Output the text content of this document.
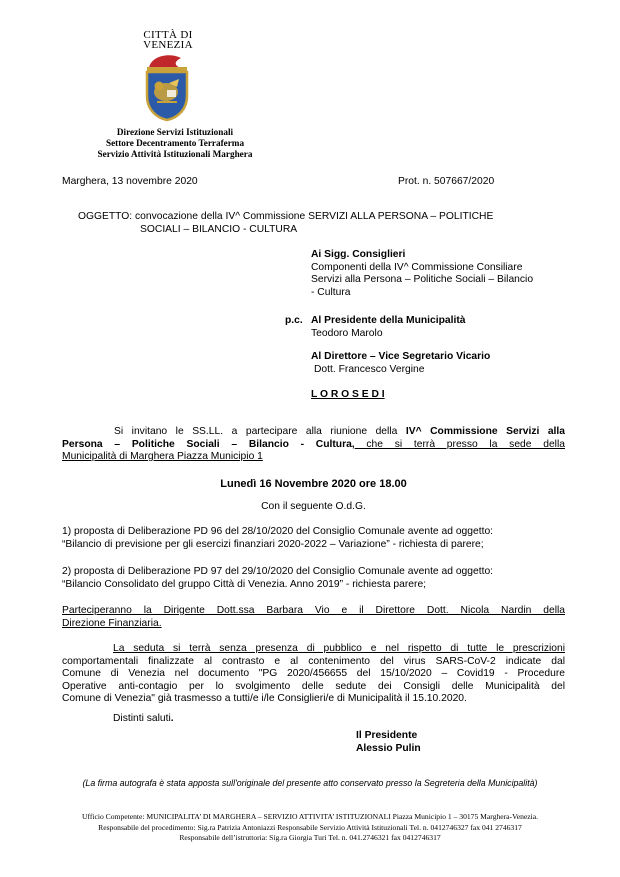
CITTÀ DI
VENEZIA
Direzione Servizi Istituzionali
Settore Decentramento Terraferma
Servizio Attività Istituzionali Marghera
Marghera, 13 novembre 2020	Prot. n. 507667/2020
OGGETTO: convocazione della IV^ Commissione SERVIZI ALLA PERSONA – POLITICHE
SOCIALI – BILANCIO - CULTURA
Ai Sigg. Consiglieri
Componenti della IV^ Commissione Consiliare
Servizi alla Persona – Politiche Sociali – Bilancio
- Cultura
p.c. Al Presidente della Municipalità
Teodoro Marolo
Al Direttore – Vice Segretario Vicario
Dott. Francesco Vergine
L O R O S E D I
Si invitano le SS.LL. a partecipare alla riunione della IV^ Commissione Servizi alla
Persona – Politiche Sociali – Bilancio - Cultura, che si terrà presso la sede della
Municipalità di Marghera Piazza Municipio 1
Lunedì 16 Novembre 2020 ore 18.00
Con il seguente O.d.G.
1) proposta di Deliberazione PD 96 del 28/10/2020 del Consiglio Comunale avente ad oggetto:
“Bilancio di previsione per gli esercizi finanziari 2020-2022 – Variazione” - richiesta di parere;
2) proposta di Deliberazione PD 97 del 29/10/2020 del Consiglio Comunale avente ad oggetto:
“Bilancio Consolidato del gruppo Città di Venezia. Anno 2019” - richiesta parere;
Parteciperanno la Dirigente Dott.ssa Barbara Vio e il Direttore Dott. Nicola Nardin della
Direzione Finanziaria.
La seduta si terrà senza presenza di pubblico e nel rispetto di tutte le prescrizioni
comportamentali finalizzate al contrasto e al contenimento del virus SARS-CoV-2 indicate dal
Comune di Venezia nel documento "PG 2020/456655 del 15/10/2020 – Covid19 - Procedure
Operative anti-contagio per lo svolgimento delle sedute dei Consigli delle Municipalità del
Comune di Venezia" già trasmesso a tutti/e i/le Consiglieri/e di Municipalità il 15.10.2020.
Distinti saluti.
Il Presidente
Alessio Pulin
(La firma autografa è stata apposta sull'originale del presente atto conservato presso la Segreteria della Municipalità)
Ufficio Competente: MUNICIPALITA’ DI MARGHERA – SERVIZIO ATTIVITA’ ISTITUZIONALI Piazza Municipio 1 – 30175 Marghera-Venezia.
Responsabile del procedimento: Sig.ra Patrizia Antoniazzi Responsabile Servizio Attività Istituzionali Tel. n. 0412746327 fax 041 2746317
Responsabile dell’istruttoria: Sig.ra Giorgia Turi Tel. n. 041.2746321 fax 0412746317
